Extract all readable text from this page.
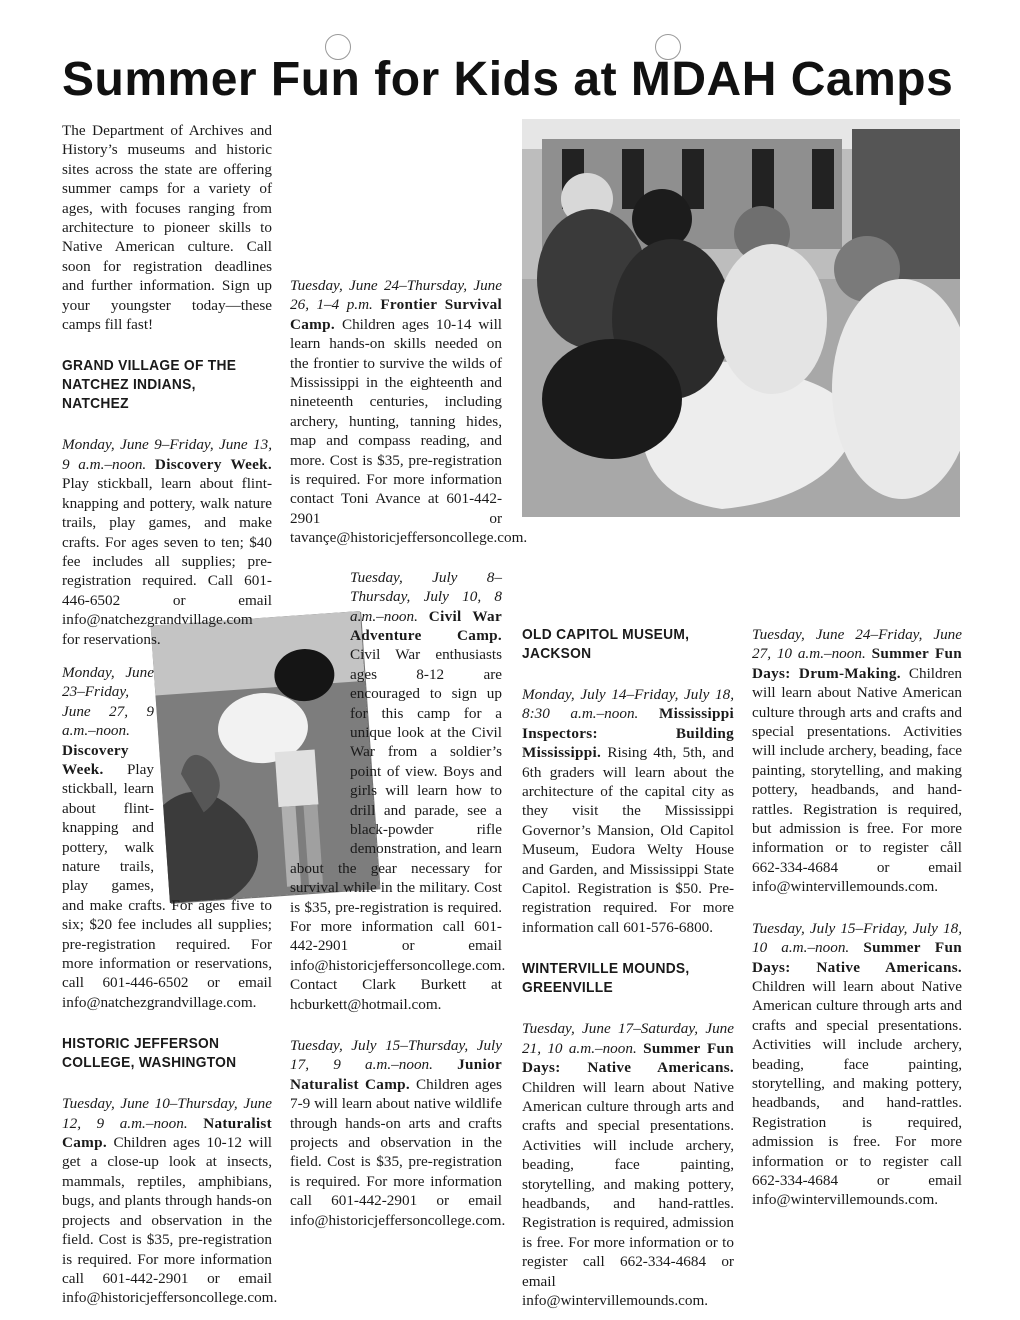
Summer Fun for Kids at MDAH Camps

The Department of Archives and History’s museums and historic sites across the state are offering summer camps for a variety of ages, with focuses ranging from architecture to pioneer skills to Native American culture. Call soon for registration deadlines and further information. Sign up your youngster today—these camps fill fast!

GRAND VILLAGE OF THE NATCHEZ INDIANS, NATCHEZ

Monday, June 9–Friday, June 13, 9 a.m.–noon. Discovery Week. Play stickball, learn about flint-knapping and pottery, walk nature trails, play games, and make crafts. For ages seven to ten; $40 fee includes all supplies; pre-registration required. Call 601-446-6502 or email info@natchezgrandvillage.com for reservations.

Monday, June 23–Friday, June 27, 9 a.m.–noon. Discovery Week. Play stickball, learn about flint-knapping and pottery, walk nature trails, play games, and make crafts. For ages five to six; $20 fee includes all supplies; pre-registration required. For more information or reservations, call 601-446-6502 or email info@natchezgrandvillage.com.

HISTORIC JEFFERSON COLLEGE, WASHINGTON

Tuesday, June 10–Thursday, June 12, 9 a.m.–noon. Naturalist Camp. Children ages 10-12 will get a close-up look at insects, mammals, reptiles, amphibians, bugs, and plants through hands-on projects and observation in the field. Cost is $35, pre-registration is required. For more information call 601-442-2901 or email info@historicjeffersoncollege.com.

Tuesday, June 24–Thursday, June 26, 1–4 p.m. Frontier Survival Camp. Children ages 10-14 will learn hands-on skills needed on the frontier to survive the wilds of Mississippi in the eighteenth and nineteenth centuries, including archery, hunting, tanning hides, map and compass reading, and more. Cost is $35, pre-registration is required. For more information contact Toni Avance at 601-442-2901 or tavançe@historicjeffersoncollege.com.

Tuesday, July 8–Thursday, July 10, 8 a.m.–noon. Civil War Adventure Camp. Civil War enthusiasts ages 8-12 are encouraged to sign up for this camp for a unique look at the Civil War from a soldier’s point of view. Boys and girls will learn how to drill and parade, see a black-powder rifle demonstration, and learn about the gear necessary for survival while in the military. Cost is $35, pre-registration is required. For more information call 601-442-2901 or email info@historicjeffersoncollege.com. Contact Clark Burkett at hcburkett@hotmail.com.

Tuesday, July 15–Thursday, July 17, 9 a.m.–noon. Junior Naturalist Camp. Children ages 7-9 will learn about native wildlife through hands-on arts and crafts projects and observation in the field. Cost is $35, pre-registration is required. For more information call 601-442-2901 or email info@historicjeffersoncollege.com.

OLD CAPITOL MUSEUM, JACKSON

Monday, July 14–Friday, July 18, 8:30 a.m.–noon. Mississippi Inspectors: Building Mississippi. Rising 4th, 5th, and 6th graders will learn about the architecture of the capital city as they visit the Mississippi Governor’s Mansion, Old Capitol Museum, Eudora Welty House and Garden, and Mississippi State Capitol. Registration is $50. Pre-registration required. For more information call 601-576-6800.

WINTERVILLE MOUNDS, GREENVILLE

Tuesday, June 17–Saturday, June 21, 10 a.m.–noon. Summer Fun Days: Native Americans. Children will learn about Native American culture through arts and crafts and special presentations. Activities will include archery, beading, face painting, storytelling, and making pottery, headbands, and hand-rattles. Registration is required, admission is free. For more information or to register call 662-334-4684 or email info@wintervillemounds.com.

Tuesday, June 24–Friday, June 27, 10 a.m.–noon. Summer Fun Days: Drum-Making. Children will learn about Native American culture through arts and crafts and special presentations. Activities will include archery, beading, face painting, storytelling, and making pottery, headbands, and hand-rattles. Registration is required, but admission is free. For more information or to register cåll 662-334-4684 or email info@wintervillemounds.com.

Tuesday, July 15–Friday, July 18, 10 a.m.–noon. Summer Fun Days: Native Americans. Children will learn about Native American culture through arts and crafts and special presentations. Activities will include archery, beading, face painting, storytelling, and making pottery, headbands, and hand-rattles. Registration is required, admission is free. For more information or to register call 662-334-4684 or email info@wintervillemounds.com.
